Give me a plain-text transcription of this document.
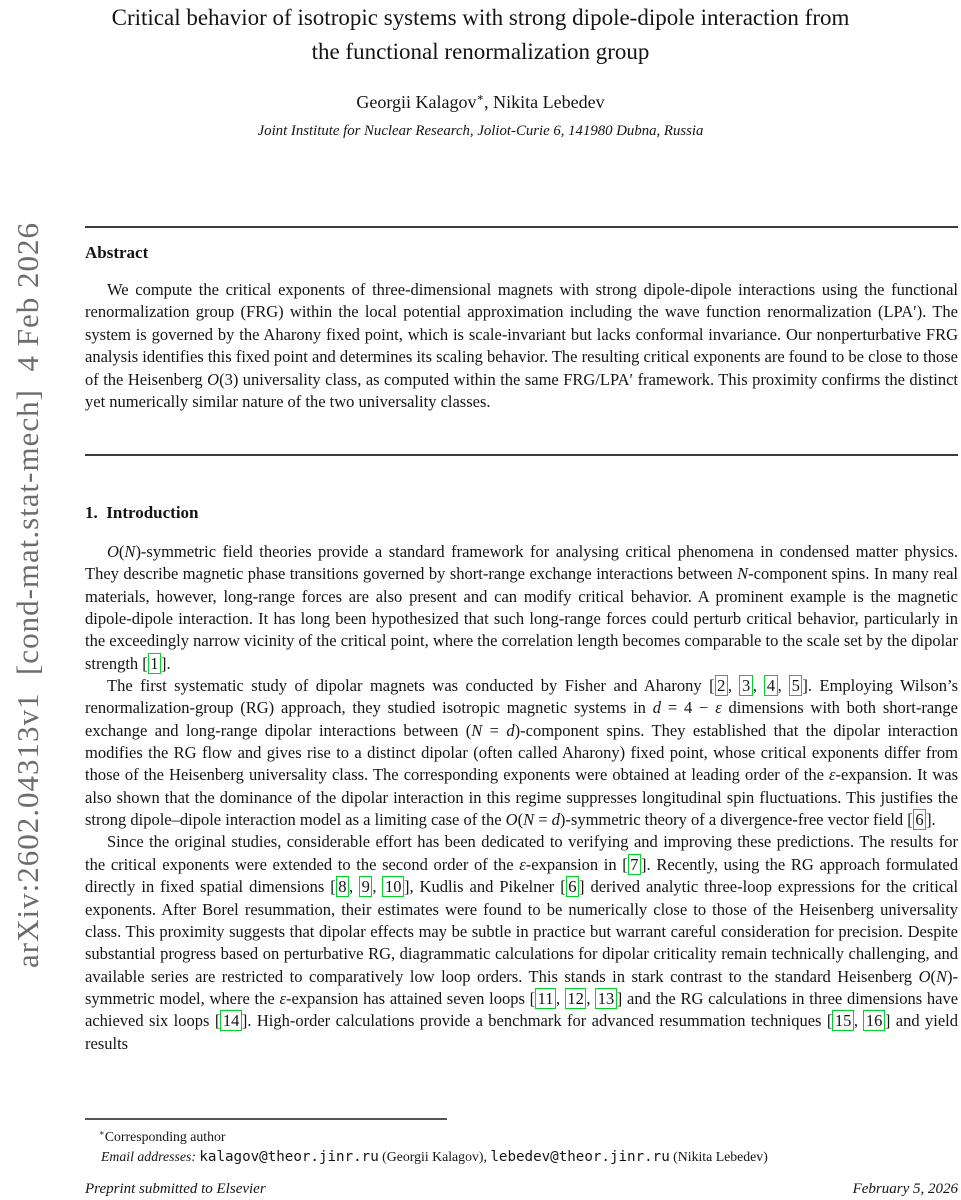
arXiv:2602.04313v1  [cond-mat.stat-mech]  4 Feb 2026
Critical behavior of isotropic systems with strong dipole-dipole interaction from
the functional renormalization group
Georgii Kalagov∗, Nikita Lebedev
Joint Institute for Nuclear Research, Joliot-Curie 6, 141980 Dubna, Russia
Abstract

We compute the critical exponents of three-dimensional magnets with strong dipole-dipole interactions using the functional renormalization group (FRG) within the local potential approximation including the wave function renormalization (LPA′). The system is governed by the Aharony fixed point, which is scale-invariant but lacks conformal invariance. Our nonperturbative FRG analysis identifies this fixed point and determines its scaling behavior. The resulting critical exponents are found to be close to those of the Heisenberg O(3) universality class, as computed within the same FRG/LPA′ framework. This proximity confirms the distinct yet numerically similar nature of the two universality classes.

1.  Introduction

O(N)-symmetric field theories provide a standard framework for analysing critical phenomena in condensed matter physics. They describe magnetic phase transitions governed by short-range exchange interactions between N-component spins. In many real materials, however, long-range forces are also present and can modify critical behavior. A prominent example is the magnetic dipole-dipole interaction. It has long been hypothesized that such long-range forces could perturb critical behavior, particularly in the exceedingly narrow vicinity of the critical point, where the correlation length becomes comparable to the scale set by the dipolar strength [ 1 ].

The first systematic study of dipolar magnets was conducted by Fisher and Aharony [ 2 , 3 , 4 , 5 ]. Employing Wilson’s renormalization-group (RG) approach, they studied isotropic magnetic systems in d = 4 − ε dimensions with both short-range exchange and long-range dipolar interactions between (N = d)-component spins. They established that the dipolar interaction modifies the RG flow and gives rise to a distinct dipolar (often called Aharony) fixed point, whose critical exponents differ from those of the Heisenberg universality class. The corresponding exponents were obtained at leading order of the ε-expansion. It was also shown that the dominance of the dipolar interaction in this regime suppresses longitudinal spin fluctuations. This justifies the strong dipole–dipole interaction model as a limiting case of the O(N = d)-symmetric theory of a divergence-free vector field [ 6 ].

Since the original studies, considerable effort has been dedicated to verifying and improving these predictions. The results for the critical exponents were extended to the second order of the ε-expansion in [ 7 ]. Recently, using the RG approach formulated directly in fixed spatial dimensions [ 8 , 9 , 10 ], Kudlis and Pikelner [ 6 ] derived analytic three-loop expressions for the critical exponents. After Borel resummation, their estimates were found to be numerically close to those of the Heisenberg universality class. This proximity suggests that dipolar effects may be subtle in practice but warrant careful consideration for precision. Despite substantial progress based on perturbative RG, diagrammatic calculations for dipolar criticality remain technically challenging, and available series are restricted to comparatively low loop orders. This stands in stark contrast to the standard Heisenberg O(N)-symmetric model, where the ε-expansion has attained seven loops [ 11 , 12 , 13 ] and the RG calculations in three dimensions have achieved six loops [ 14 ]. High-order calculations provide a benchmark for advanced resummation techniques [ 15 , 16 ] and yield results

∗Corresponding author
Email addresses: kalagov@theor.jinr.ru (Georgii Kalagov), lebedev@theor.jinr.ru (Nikita Lebedev)
Preprint submitted to Elsevier	February 5, 2026
